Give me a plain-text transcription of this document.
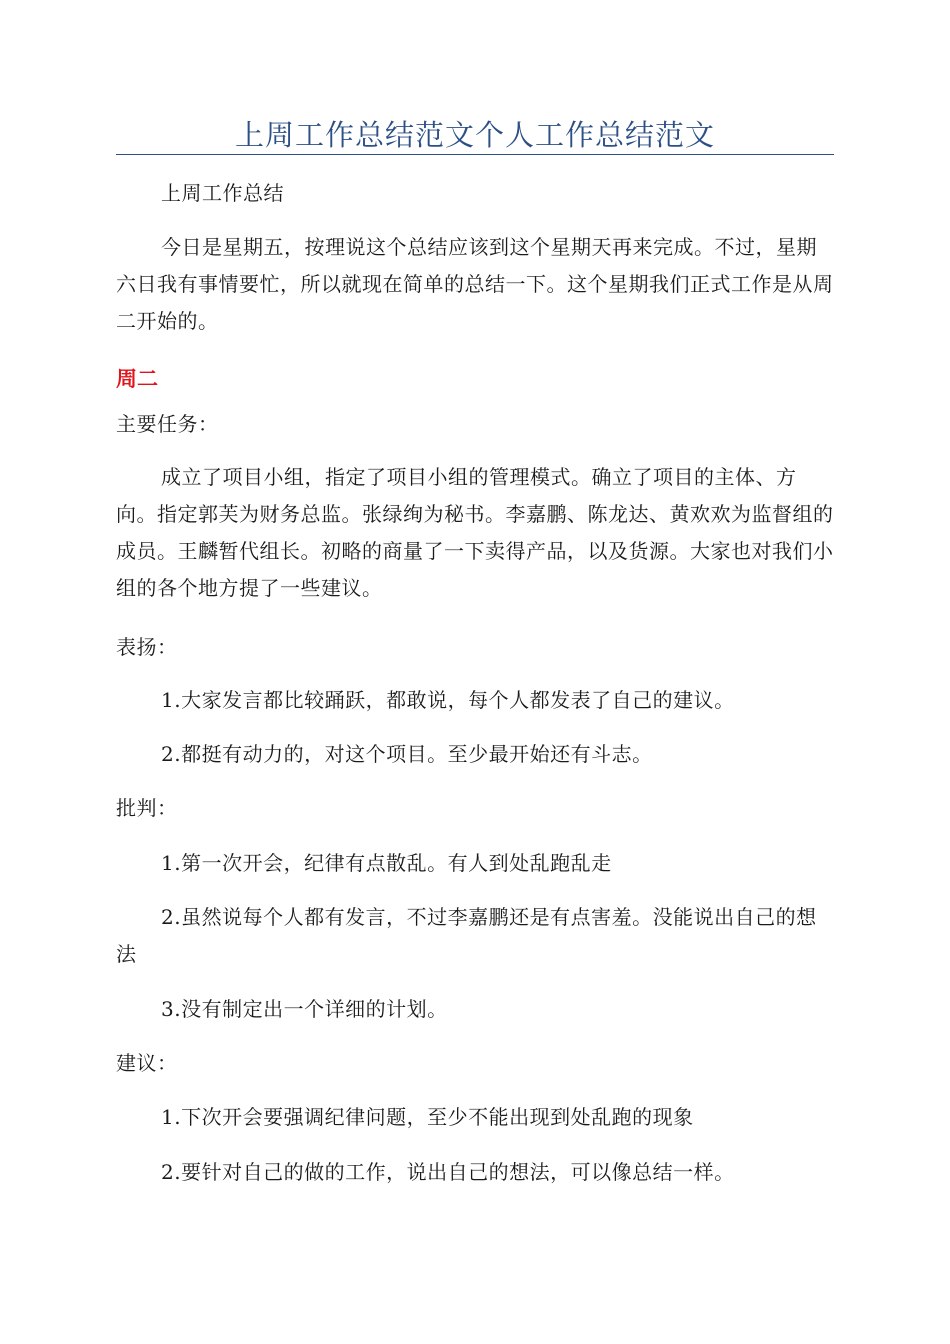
上周工作总结范文个人工作总结范文

上周工作总结

今日是星期五，按理说这个总结应该到这个星期天再来完成。不过，星期六日我有事情要忙，所以就现在简单的总结一下。这个星期我们正式工作是从周二开始的。

周二

主要任务：

成立了项目小组，指定了项目小组的管理模式。确立了项目的主体、方向。指定郭芙为财务总监。张绿绚为秘书。李嘉鹏、陈龙达、黄欢欢为监督组的成员。王麟暂代组长。初略的商量了一下卖得产品，以及货源。大家也对我们小组的各个地方提了一些建议。

表扬：

1.大家发言都比较踊跃，都敢说，每个人都发表了自己的建议。

2.都挺有动力的，对这个项目。至少最开始还有斗志。

批判：

1.第一次开会，纪律有点散乱。有人到处乱跑乱走

2.虽然说每个人都有发言，不过李嘉鹏还是有点害羞。没能说出自己的想法

3.没有制定出一个详细的计划。

建议：

1.下次开会要强调纪律问题，至少不能出现到处乱跑的现象

2.要针对自己的做的工作，说出自己的想法，可以像总结一样。
